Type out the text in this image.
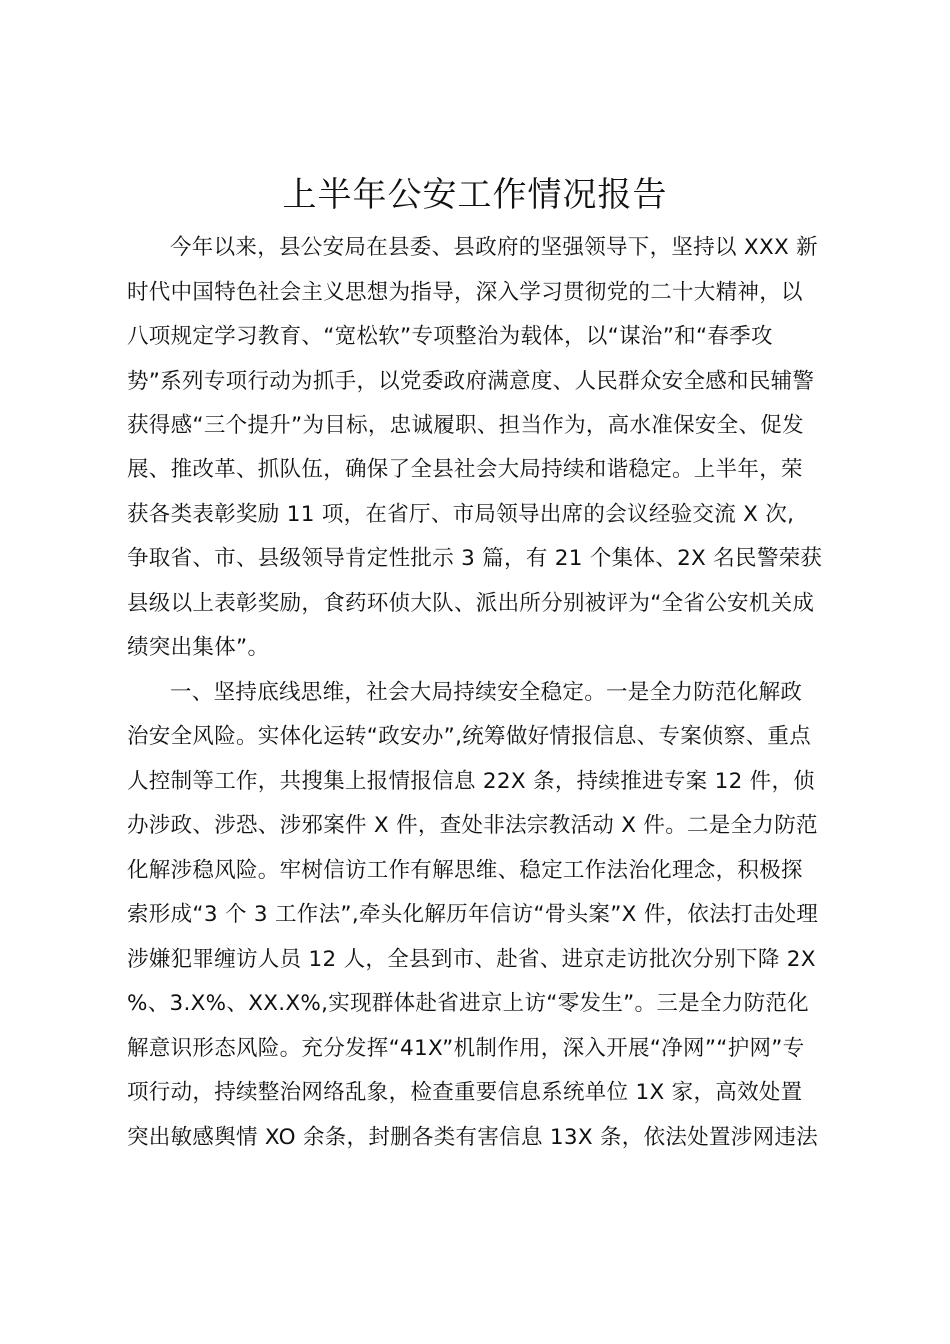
上半年公安工作情况报告

今年以来，县公安局在县委、县政府的坚强领导下，坚持以 XXX 新

时代中国特色社会主义思想为指导，深入学习贯彻党的二十大精神，以

八项规定学习教育、“宽松软”专项整治为载体，以“谋治”和“春季攻

势”系列专项行动为抓手，以党委政府满意度、人民群众安全感和民辅警

获得感“三个提升”为目标，忠诚履职、担当作为，高水准保安全、促发

展、推改革、抓队伍，确保了全县社会大局持续和谐稳定。上半年，荣

获各类表彰奖励 11 项，在省厅、市局领导出席的会议经验交流 X 次,

争取省、市、县级领导肯定性批示 3 篇，有 21 个集体、2X 名民警荣获

县级以上表彰奖励，食药环侦大队、派出所分别被评为“全省公安机关成

绩突出集体”。

一、坚持底线思维，社会大局持续安全稳定。一是全力防范化解政

治安全风险。实体化运转“政安办”,统筹做好情报信息、专案侦察、重点

人控制等工作，共搜集上报情报信息 22X 条，持续推进专案 12 件，侦

办涉政、涉恐、涉邪案件 X 件，查处非法宗教活动 X 件。二是全力防范

化解涉稳风险。牢树信访工作有解思维、稳定工作法治化理念，积极探

索形成“3 个 3 工作法”,牵头化解历年信访“骨头案”X 件，依法打击处理

涉嫌犯罪缠访人员 12 人，全县到市、赴省、进京走访批次分别下降 2X

%、3.X%、XX.X%,实现群体赴省进京上访“零发生”。三是全力防范化

解意识形态风险。充分发挥“41X”机制作用，深入开展“净网”“护网”专

项行动，持续整治网络乱象，检查重要信息系统单位 1X 家，高效处置

突出敏感舆情 XO 余条，封删各类有害信息 13X 条，依法处置涉网违法
